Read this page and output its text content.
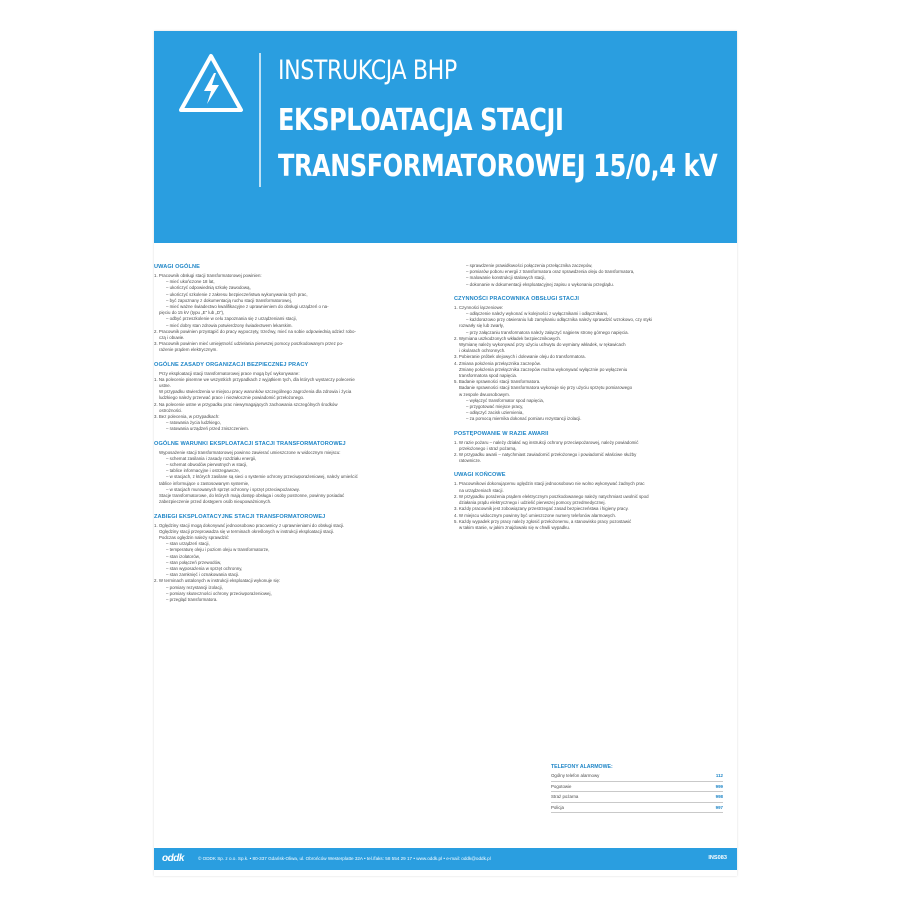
INSTRUKCJA BHP
EKSPLOATACJA STACJI
TRANSFORMATOROWEJ 15/0,4 kV
UWAGI OGÓLNE
1. Pracownik obsługi stacji transformatorowej powinien:
– mieć ukończone 18 lat,
– ukończyć odpowiednią szkołę zawodową,
– ukończyć szkolenie z zakresu bezpieczeństwa wykonywania tych prac,
– być zapoznany z dokumentacją ruchu stacji transformatorowej,
– mieć ważne świadectwo kwalifikacyjne z uprawnieniem do obsługi urządzeń o na-
pięciu do 15 kV (typu „E” lub „D”),
– odbyć przeszkolenie w celu zapoznania się z urządzeniami stacji,
– mieć dobry stan zdrowia potwierdzony świadectwem lekarskim.
2. Pracownik powinien przystąpić do pracy wypoczęty, trzeźwy, mieć na sobie odpowiednią odzież robo-
czą i obuwie.
3. Pracownik powinien mieć umiejętność udzielania pierwszej pomocy poszkodowanym przez po-
rażenie prądem elektrycznym.
OGÓLNE ZASADY ORGANIZACJI BEZPIECZNEJ PRACY
Przy eksploatacji stacji transformatorowej prace mogą być wykonywane:
1. Na polecenie pisemne we wszystkich przypadkach z wyjątkiem tych, dla których wystarczy polecenie
ustne.
W przypadku stwierdzenia w miejscu pracy warunków szczególnego zagrożenia dla zdrowia i życia
ludzkiego należy przerwać prace i niezwłocznie powiadomić przełożonego.
2. Na polecenie ustne w przypadku prac niewymagających zachowania szczególnych środków
ostrożności.
3. Bez polecenia, w przypadkach:
– ratowania życia ludzkiego,
– ratowania urządzeń przed zniszczeniem.
OGÓLNE WARUNKI EKSPLOATACJI STACJI TRANSFORMATOROWEJ
Wyposażenie stacji transformatorowej powinno zawierać umieszczone w widocznym miejscu:
– schemat zasilania i zasady rozdziału energii,
– schemat obwodów pierwotnych w stacji,
– tablice informacyjne i ostrzegawcze,
– w stacjach, z których zasilane są sieci o systemie ochrony przeciwporażeniowej, należy umieścić
tablice informujące o zastosowanym systemie,
– w stacjach murowanych sprzęt ochronny i sprzęt przeciwpożarowy.
Stacje transformatorowe, do których mają dostęp obsługa i osoby postronne, powinny posiadać
zabezpieczenie przed dostępem osób nieupoważnionych.
ZABIEGI EKSPLOATACYJNE STACJI TRANSFORMATOROWEJ
1. Oględziny stacji mogą dokonywać jednoosobowo pracownicy z uprawnieniami do obsługi stacji.
Oględziny stacji przeprowadza się w terminach określonych w instrukcji eksploatacji stacji.
Podczas oględzin należy sprawdzić:
– stan urządzeń stacji,
– temperaturę oleju i poziom oleju w transformatorze,
– stan izolatorów,
– stan połączeń przewodów,
– stan wyposażenia w sprzęt ochronny,
– stan zamknięć i oznakowania stacji.
2. W terminach ustalonych w instrukcji eksploatacji wykonuje się:
– pomiary rezystancji izolacji,
– pomiary skuteczności ochrony przeciwporażeniowej,
– przegląd transformatora.
– sprawdzenie prawidłowości połączenia przełącznika zaczepów,
– pomiarów poboru energii z transformatora oraz sprawdzenia oleju do transformatora,
– malowanie konstrukcji stalowych stacji,
– dokonanie w dokumentacji eksploatacyjnej zapisu o wykonaniu przeglądu.
CZYNNOŚCI PRACOWNIKA OBSŁUGI STACJI
1. Czynności łączeniowe:
– odłączenie należy wykonać w kolejności z wyłącznikami i odłącznikami,
– każdorazowo przy otwieraniu lub zamykaniu odłącznika należy sprawdzić wzrokowo, czy styki
rozwarły się lub zwarły,
– przy załączaniu transformatora należy załączyć najpierw stronę górnego napięcia.
2. Wymiana uszkodzonych wkładek bezpiecznikowych.
Wymianę należy wykonywać przy użyciu uchwytu do wymiany wkładek, w rękawicach
i okularach ochronnych.
3. Pobieranie próbek olejowych i dolewanie oleju do transformatora.
4. Zmiana położenia przełącznika zaczepów.
Zmianę położenia przełącznika zaczepów można wykonywać wyłącznie po wyłączeniu
transformatora spod napięcia.
5. Badanie sprawności stacji transformatora.
Badanie sprawności stacji transformatora wykonuje się przy użyciu sprzętu pomiarowego
w zespole dwuosobowym.
– wyłączyć transformator spod napięcia,
– przygotować miejsce pracy,
– odłączyć zacisk uziemienia,
– za pomocą miernika dokonać pomiaru rezystancji izolacji.
POSTĘPOWANIE W RAZIE AWARII
1. W razie pożaru – należy działać wg instrukcji ochrony przeciwpożarowej, należy powiadomić
przełożonego i straż pożarną.
2. W przypadku awarii – natychmiast zawiadomić przełożonego i powiadomić właściwe służby
ratownicze.
UWAGI KOŃCOWE
1. Pracownikowi dokonującemu oględzin stacji jednoosobowo nie wolno wykonywać żadnych prac
na urządzeniach stacji.
2. W przypadku porażenia prądem elektrycznym poszkodowanego należy natychmiast uwolnić spod
działania prądu elektrycznego i udzielić pierwszej pomocy przedmedycznej.
3. Każdy pracownik jest zobowiązany przestrzegać zasad bezpieczeństwa i higieny pracy.
4. W miejscu widocznym powinny być umieszczone numery telefonów alarmowych.
5. Każdy wypadek przy pracy należy zgłosić przełożonemu, a stanowisko pracy pozostawić
w takim stanie, w jakim znajdowało się w chwili wypadku.
TELEFONY ALARMOWE:
Ogólny telefon alarmowy	112
Pogotowie	999
Straż pożarna	998
Policja	997
oddk	© ODDK Sp. z o.o. Sp.k. • 80-337 Gdańsk-Oliwa, ul. Obrońców Westerplatte 32A • tel./faks: 58 554 29 17 • www.oddk.pl • e-mail: oddk@oddk.pl	INS083
